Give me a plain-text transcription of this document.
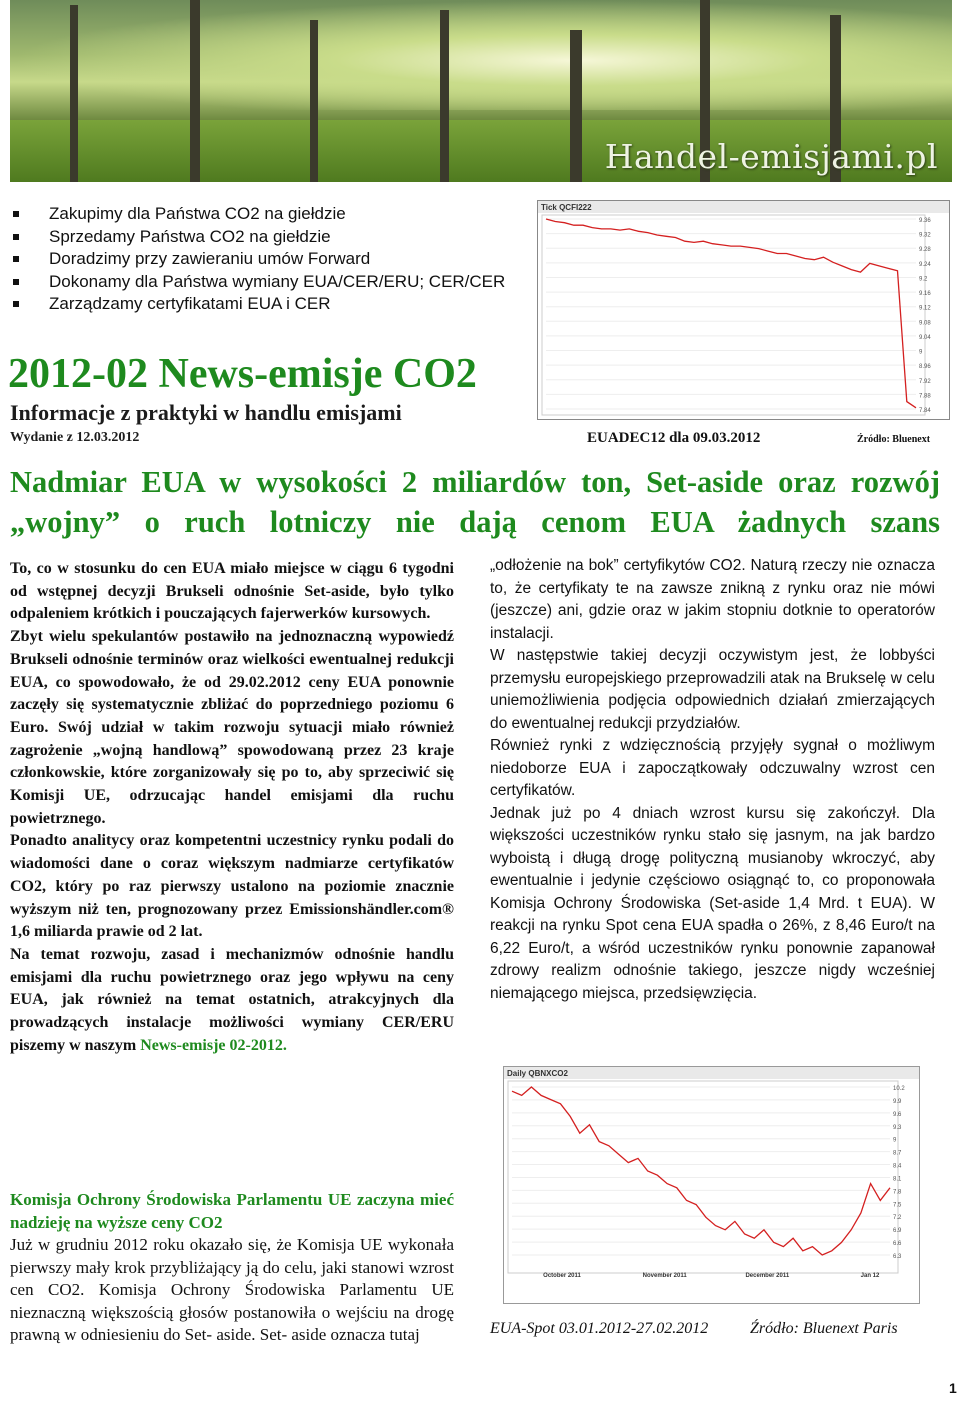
Handel-emisjami.pl
Zakupimy dla Państwa CO2 na giełdzie
Sprzedamy Państwa CO2 na giełdzie
Doradzimy przy zawieraniu umów Forward
Dokonamy dla Państwa wymiany EUA/CER/ERU; CER/CER
Zarządzamy certyfikatami EUA i CER
2012-02 News-emisje CO2
Informacje z praktyki w handlu emisjami
Wydanie z 12.03.2012
Tick QCFI222
9.36
9.32
9.28
9.24
9.2
9.16
9.12
9.08
9.04
9
8.96
7.92
7.88
7.84
EUADEC12 dla 09.03.2012	Źródło: Bluenext
Nadmiar EUA w wysokości 2 miliardów ton, Set-aside oraz rozwój „wojny” o ruch lotniczy nie dają cenom EUA żadnych szans

To, co w stosunku do cen EUA miało miejsce w ciągu 6 tygodni od wstępnej decyzji Brukseli odnośnie Set-aside, było tylko odpaleniem krótkich i pouczających fajerwerków kursowych.

Zbyt wielu spekulantów postawiło na jednoznaczną wypowiedź Brukseli odnośnie terminów oraz wielkości ewentualnej redukcji EUA, co spowodowało, że od 29.02.2012 ceny EUA ponownie zaczęły się systematycznie zbliżać do poprzedniego poziomu 6 Euro. Swój udział w takim rozwoju sytuacji miało również zagrożenie „wojną handlową” spowodowaną przez 23 kraje członkowskie, które zorganizowały się po to, aby sprzeciwić się Komisji UE, odrzucając handel emisjami dla ruchu powietrznego.

Ponadto analitycy oraz kompetentni uczestnicy rynku podali do wiadomości dane o coraz większym nadmiarze certyfikatów CO2, który po raz pierwszy ustalono na poziomie znacznie wyższym niż ten, prognozowany przez Emissionshändler.com® 1,6 miliarda prawie od 2 lat.

Na temat rozwoju, zasad i mechanizmów odnośnie handlu emisjami dla ruchu powietrznego oraz jego wpływu na ceny EUA, jak również na temat ostatnich, atrakcyjnych dla prowadzących instalacje możliwości wymiany CER/ERU piszemy w naszym News-emisje 02-2012.

Komisja Ochrony Środowiska Parlamentu UE zaczyna mieć nadzieję na wyższe ceny CO2

Już w grudniu 2012 roku okazało się, że Komisja UE wykonała pierwszy mały krok przybliżający ją do celu, jaki stanowi wzrost cen CO2. Komisja Ochrony Środowiska Parlamentu UE nieznaczną większością głosów postanowiła o wejściu na drogę prawną w odniesieniu do Set- aside. Set- aside oznacza tutaj

„odłożenie na bok” certyfikytów CO2. Naturą rzeczy nie oznacza to, że certyfikaty te na zawsze znikną z rynku oraz nie mówi (jeszcze) ani, gdzie oraz w jakim stopniu dotknie to operatorów instalacji.

W następstwie takiej decyzji oczywistym jest, że lobbyści przemysłu europejskiego przeprowadzili atak na Brukselę w celu uniemożliwienia podjęcia odpowiednich działań zmierzających do ewentualnej redukcji przydziałów.

Również rynki z wdzięcznością przyjęły sygnał o możliwym niedoborze EUA i zapoczątkowały odczuwalny wzrost cen certyfikatów.

Jednak już po 4 dniach wzrost kursu się zakończył. Dla większości uczestników rynku stało się jasnym, na jak bardzo wyboistą i długą drogę polityczną musianoby wkroczyć, aby ewentualnie i jedynie częściowo osiągnąć to, co proponowała Komisja Ochrony Środowiska (Set-aside 1,4 Mrd. t EUA). W reakcji na rynku Spot cena EUA spadła o 26%, z 8,46 Euro/t na 6,22 Euro/t, a wśród uczestników rynku ponownie zapanował zdrowy realizm odnośnie takiego, jeszcze nigdy wcześniej niemającego miejsca, przedsięwzięcia.

Daily QBNXCO2
10.2
9.9
9.6
9.3
9
8.7
8.4
8.1
7.8
7.5
7.2
6.9
6.6
6.3
October 2011	November 2011	December 2011	Jan 12
EUA-Spot 03.01.2012-27.02.2012	Źródło: Bluenext Paris
1
